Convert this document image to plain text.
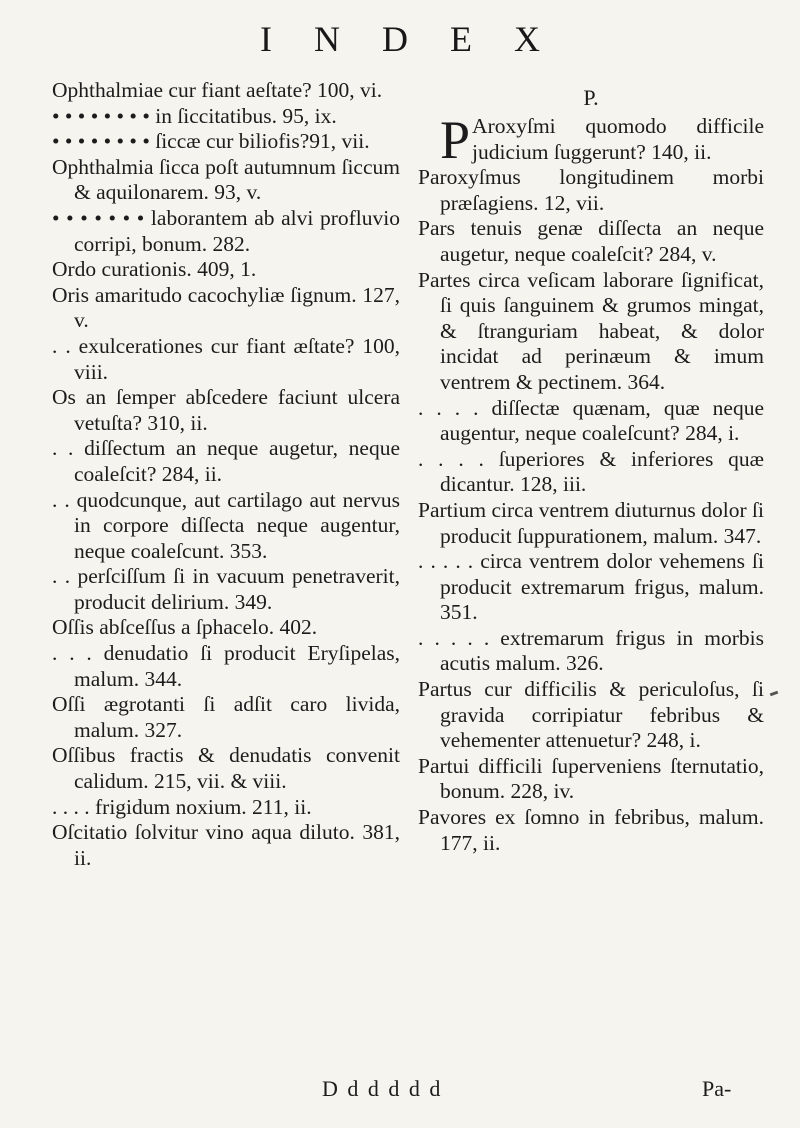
INDEX

Ophthalmiae cur fiant aeſtate? 100, vi.

• • • • • • • • in ſiccitatibus. 95, ix.

• • • • • • • • ſiccæ cur biliofis?91, vii.

Ophthalmia ſicca poſt autumnum ſiccum & aquilonarem. 93, v.

• • • • • • • laborantem ab alvi profluvio corripi, bonum. 282.

Ordo curationis. 409, 1.

Oris amaritudo cacochyliæ ſignum. 127, v.

. . exulcerationes cur fiant æſtate? 100, viii.

Os an ſemper abſcedere faciunt ulcera vetuſta? 310, ii.

. . diſſectum an neque augetur, neque coaleſcit? 284, ii.

. . quodcunque, aut cartilago aut nervus in corpore diſſecta neque augentur, neque coaleſcunt. 353.

. . perſciſſum ſi in vacuum penetraverit, producit delirium. 349.

Oſſis abſceſſus a ſphacelo. 402.

. . . denudatio ſi producit Eryſipelas, malum. 344.

Oſſi ægrotanti ſi adſit caro livida, malum. 327.

Oſſibus fractis & denudatis convenit calidum. 215, vii. & viii.

. . . . frigidum noxium. 211, ii.

Oſcitatio ſolvitur vino aqua diluto. 381, ii.

P.

P Aroxyſmi quomodo difficile judicium ſuggerunt? 140, ii.

Paroxyſmus longitudinem morbi præſagiens. 12, vii.

Pars tenuis genæ diſſecta an neque augetur, neque coaleſcit? 284, v.

Partes circa veſicam laborare ſignificat, ſi quis ſanguinem & grumos mingat, & ſtranguriam habeat, & dolor incidat ad perinæum & imum ventrem & pectinem. 364.

. . . . diſſectæ quænam, quæ neque augentur, neque coaleſcunt? 284, i.

. . . . ſuperiores & inferiores quæ dicantur. 128, iii.

Partium circa ventrem diuturnus dolor ſi producit ſuppurationem, malum. 347.

. . . . . circa ventrem dolor vehemens ſi producit extremarum frigus, malum. 351.

. . . . . extremarum frigus in morbis acutis malum. 326.

Partus cur difficilis & periculoſus, ſi gravida corripiatur febribus & vehementer attenuetur? 248, i.

Partui difficili ſuperveniens ſternutatio, bonum. 228, iv.

Pavores ex ſomno in febribus, malum. 177, ii.

D d d d d d	Pa-
